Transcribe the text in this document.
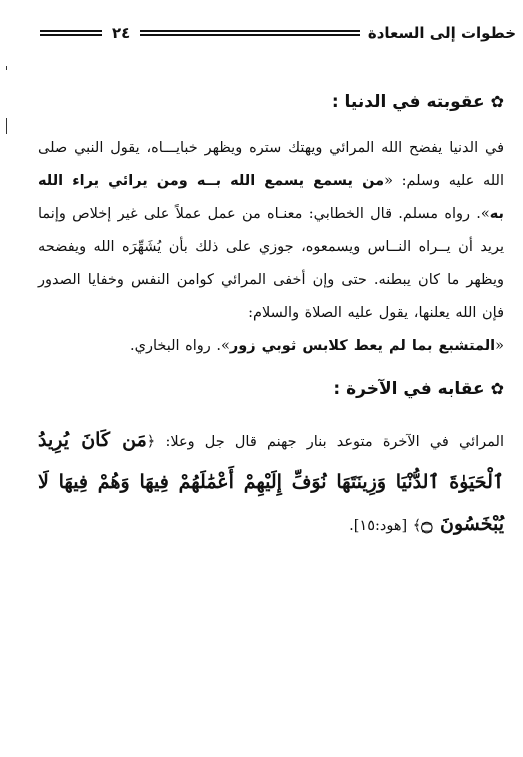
خطوات إلى السعادة
٢٤
✿
عقوبته في الدنيا :

في الدنيا يفضح الله المرائي ويهتك ستره ويظهر خبايـــاه، يقول النبي صلى الله عليه وسلم: «من يسمع يسمع الله بــه ومن يرائي يراء الله به». رواه مسلم. قال الخطابي: معنـاه من عمل عملاً على غير إخلاص وإنما يريد أن يــراه النــاس ويسمعوه، جوزي على ذلك بأن يُشَهِّرَه الله ويفضحه ويظهر ما كان يبطنه. حتى وإن أخفى المرائي كوامن النفس وخفايا الصدور فإن الله يعلنها، يقول عليه الصلاة والسلام:
«المتشبع بما لم يعط كلابس ثوبي زور». رواه البخاري.

✿
عقابه في الآخرة :

المرائي في الآخرة متوعد بنار جهنم قال جل وعلا: ﴿مَن كَانَ يُرِيدُ ٱلْحَيَوٰةَ ٱلدُّنْيَا وَزِينَتَهَا نُوَفِّ إِلَيْهِمْ أَعْمَٰلَهُمْ فِيهَا وَهُمْ فِيهَا لَا يُبْخَسُونَ ۝﴾ [هود:١٥].
